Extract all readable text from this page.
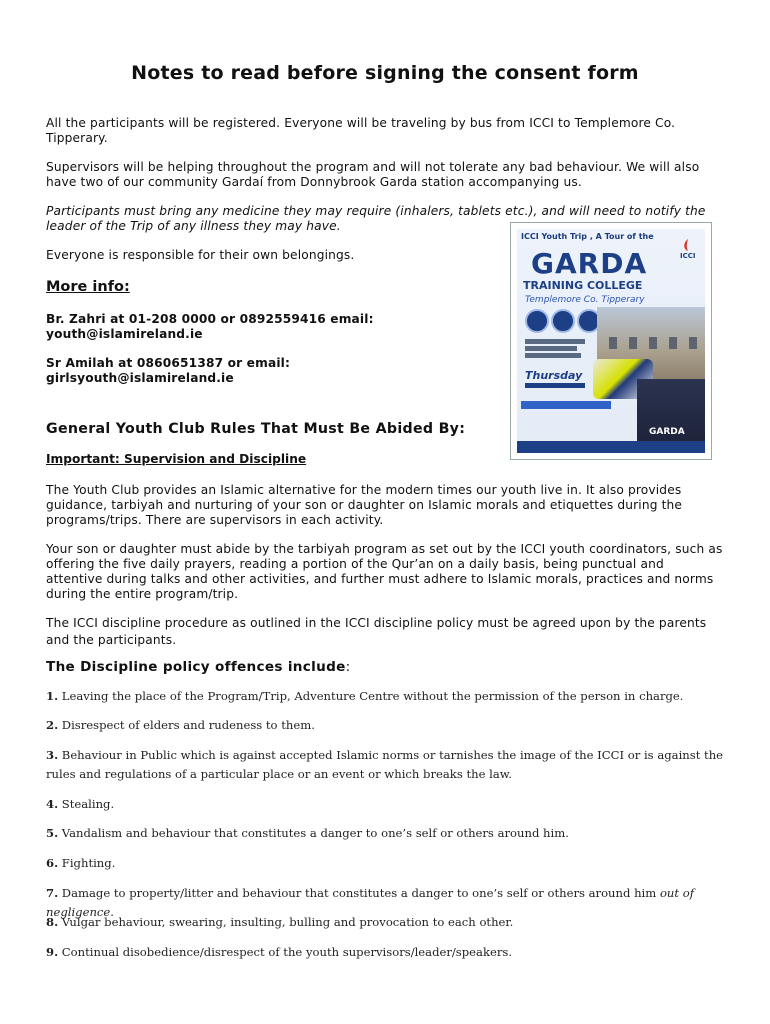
Notes to read before signing the consent form

All the participants will be registered. Everyone will be traveling by bus from ICCI to Templemore Co. Tipperary.

Supervisors will be helping throughout the program and will not tolerate any bad behaviour. We will also have two of our community Gardaí from Donnybrook Garda station accompanying us.

Participants must bring any medicine they may require (inhalers, tablets etc.), and will need to notify the leader of the Trip of any illness they may have.

Everyone is responsible for their own belongings.

More info:

Br. Zahri at 01-208 0000 or 0892559416 email:
youth@islamireland.ie

Sr Amilah at 0860651387 or email:
girlsyouth@islamireland.ie

ICCI Youth Trip , A Tour of the
ICCI
GARDA
TRAINING COLLEGE
Templemore Co. Tipperary
Thursday
GARDA

General Youth Club Rules That Must Be Abided By:

Important: Supervision and Discipline

The Youth Club provides an Islamic alternative for the modern times our youth live in. It also provides guidance, tarbiyah and nurturing of your son or daughter on Islamic morals and etiquettes during the programs/trips. There are supervisors in each activity.

Your son or daughter must abide by the tarbiyah program as set out by the ICCI youth coordinators, such as offering the five daily prayers, reading a portion of the Qur’an on a daily basis, being punctual and attentive during talks and other activities, and further must adhere to Islamic morals, practices and norms during the entire program/trip.

The ICCI discipline procedure as outlined in the ICCI discipline policy must be agreed upon by the parents and the participants.

The Discipline policy offences include:

1. Leaving the place of the Program/Trip, Adventure Centre without the permission of the person in charge.

2. Disrespect of elders and rudeness to them.

3. Behaviour in Public which is against accepted Islamic norms or tarnishes the image of the ICCI or is against the rules and regulations of a particular place or an event or which breaks the law.

4. Stealing.

5. Vandalism and behaviour that constitutes a danger to one’s self or others around him.

6. Fighting.

7. Damage to property/litter and behaviour that constitutes a danger to one’s self or others around him out of negligence.

8. Vulgar behaviour, swearing, insulting, bulling and provocation to each other.

9. Continual disobedience/disrespect of the youth supervisors/leader/speakers.
